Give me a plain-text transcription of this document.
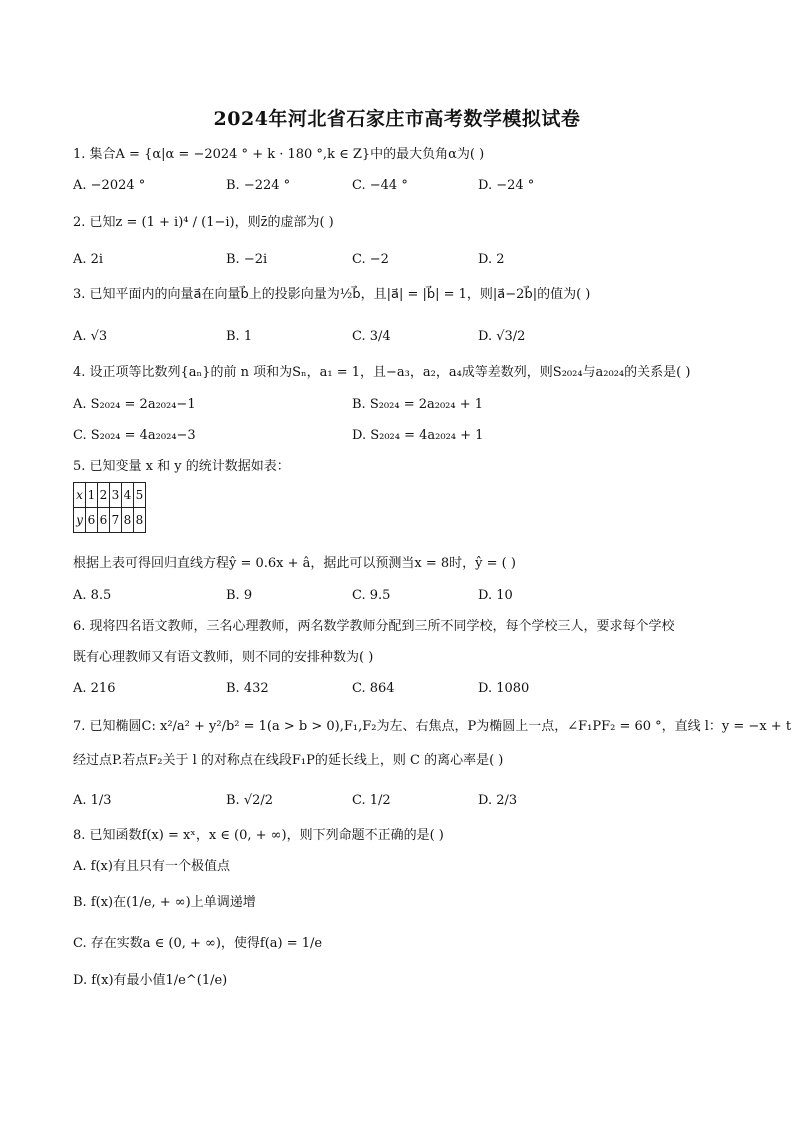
2024年河北省石家庄市高考数学模拟试卷
1. 集合A = {α|α = −2024 ° + k · 180 °,k ∈ Z}中的最大负角α为( )
A. −2024 °	B. −224 °	C. −44 °	D. −24 °
2. 已知z = (1 + i)⁴ / (1−i)，则z̄的虚部为( )
A. 2i	B. −2i	C. −2	D. 2
3. 已知平面内的向量a⃗在向量b⃗上的投影向量为½b⃗，且|a⃗| = |b⃗| = 1，则|a⃗−2b⃗|的值为( )
A. √3	B. 1	C. 3/4	D. √3/2
4. 设正项等比数列{aₙ}的前 n 项和为Sₙ，a₁ = 1，且−a₃，a₂，a₄成等差数列，则S₂₀₂₄与a₂₀₂₄的关系是( )
A. S₂₀₂₄ = 2a₂₀₂₄−1	B. S₂₀₂₄ = 2a₂₀₂₄ + 1
C. S₂₀₂₄ = 4a₂₀₂₄−3	D. S₂₀₂₄ = 4a₂₀₂₄ + 1
5. 已知变量 x 和 y 的统计数据如表：
x	1	2	3	4	5
y	6	6	7	8	8
根据上表可得回归直线方程ŷ = 0.6x + â，据此可以预测当x = 8时，ŷ = ( )
A. 8.5	B. 9	C. 9.5	D. 10
6. 现将四名语文教师，三名心理教师，两名数学教师分配到三所不同学校，每个学校三人，要求每个学校
既有心理教师又有语文教师，则不同的安排种数为( )
A. 216	B. 432	C. 864	D. 1080
7. 已知椭圆C: x²/a² + y²/b² = 1(a > b > 0),F₁,F₂为左、右焦点，P为椭圆上一点，∠F₁PF₂ = 60 °，直线 l：y = −x + t
经过点P.若点F₂关于 l 的对称点在线段F₁P的延长线上，则 C 的离心率是( )
A. 1/3	B. √2/2	C. 1/2	D. 2/3
8. 已知函数f(x) = xˣ，x ∈ (0, + ∞)，则下列命题不正确的是( )
A. f(x)有且只有一个极值点
B. f(x)在(1/e, + ∞)上单调递增
C. 存在实数a ∈ (0, + ∞)，使得f(a) = 1/e
D. f(x)有最小值1/e^(1/e)
